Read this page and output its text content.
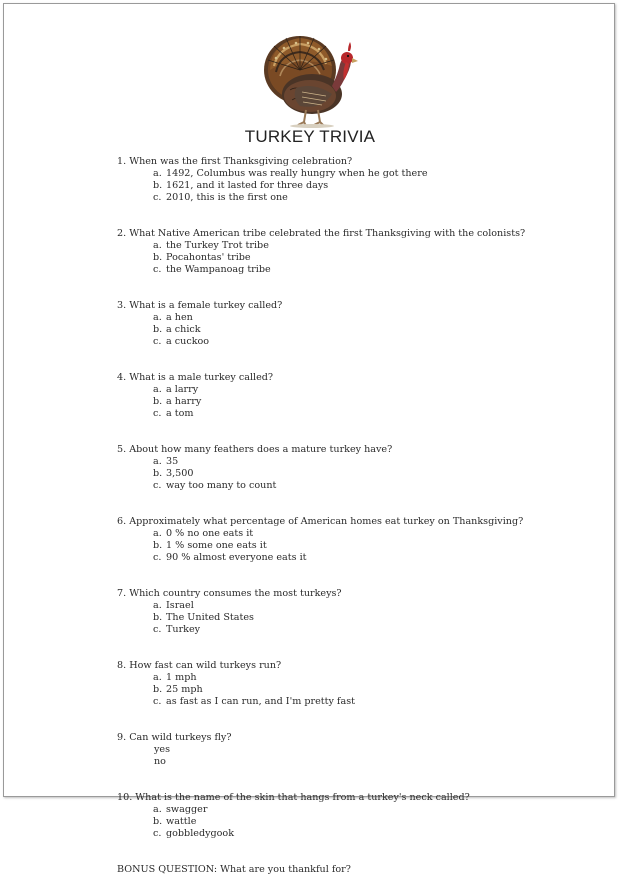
TURKEY TRIVIA
1. When was the first Thanksgiving celebration?
a. 1492, Columbus was really hungry when he got there
b. 1621, and it lasted for three days
c. 2010, this is the first one
2. What Native American tribe celebrated the first Thanksgiving with the colonists?
a. the Turkey Trot tribe
b. Pocahontas' tribe
c. the Wampanoag tribe
3. What is a female turkey called?
a. a hen
b. a chick
c. a cuckoo
4. What is a male turkey called?
a. a larry
b. a harry
c. a tom
5. About how many feathers does a mature turkey have?
a. 35
b. 3,500
c. way too many to count
6. Approximately what percentage of American homes eat turkey on Thanksgiving?
a. 0 % no one eats it
b. 1 % some one eats it
c. 90 % almost everyone eats it
7. Which country consumes the most turkeys?
a. Israel
b. The United States
c. Turkey
8. How fast can wild turkeys run?
a. 1 mph
b. 25 mph
c. as fast as I can run, and I'm pretty fast
9. Can wild turkeys fly?
yes
no
10. What is the name of the skin that hangs from a turkey's neck called?
a. swagger
b. wattle
c. gobbledygook
BONUS QUESTION: What are you thankful for?
